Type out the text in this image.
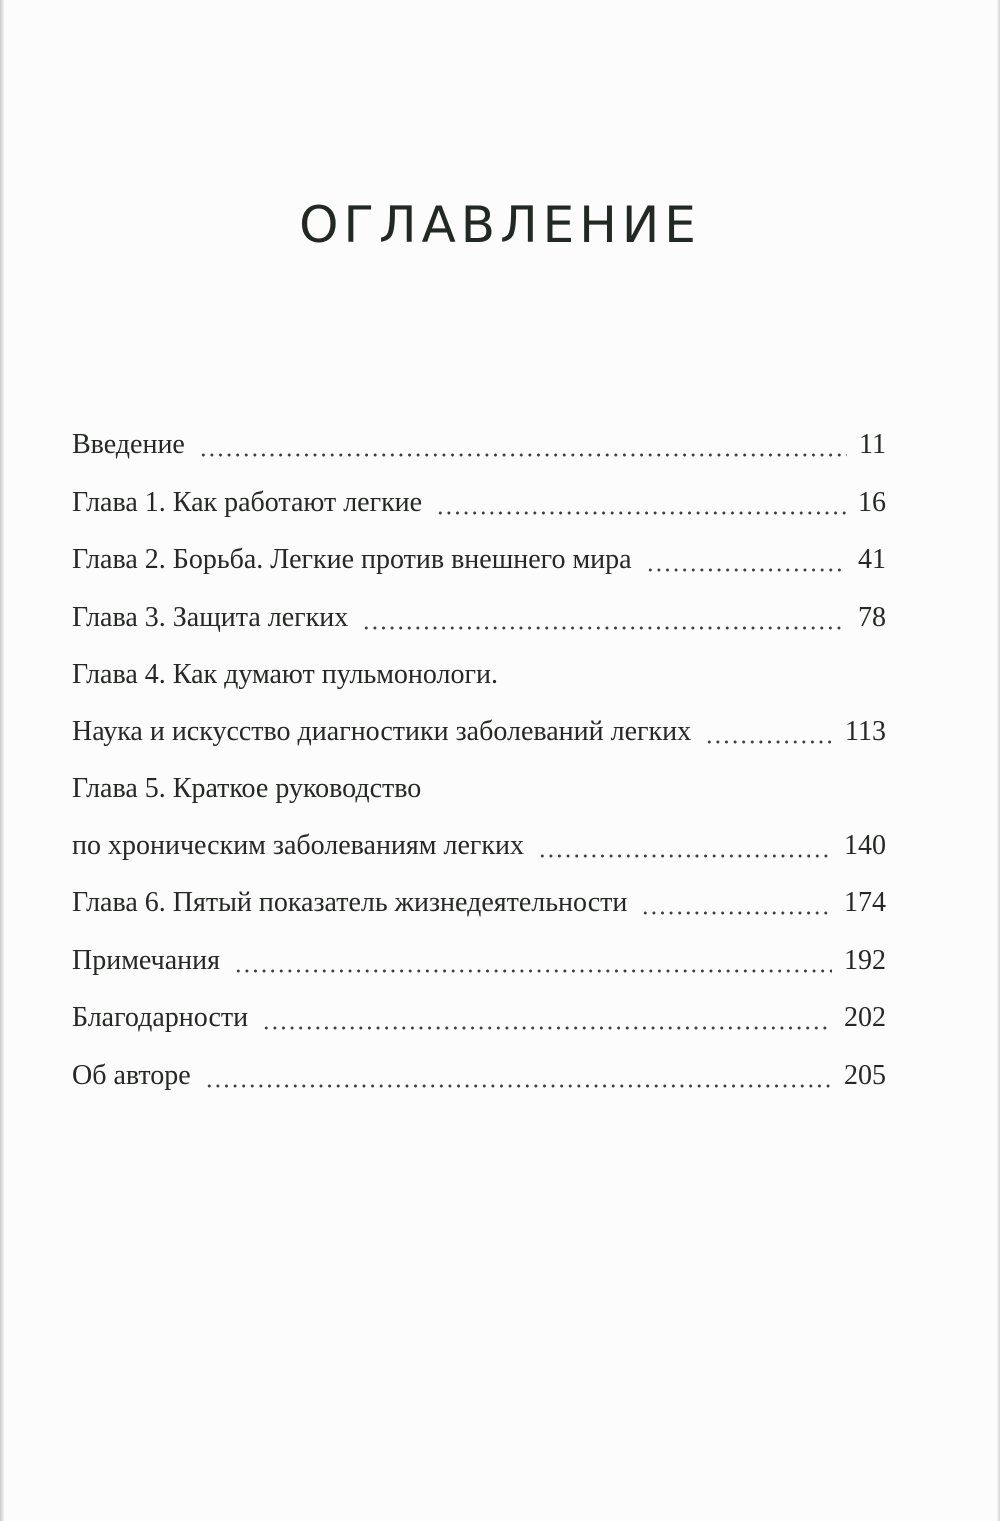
ОГЛАВЛЕНИЕ
Введение	11
Глава 1. Как работают легкие	16
Глава 2. Борьба. Легкие против внешнего мира	41
Глава 3. Защита легких	78
Глава 4. Как думают пульмонологи.
Наука и искусство диагностики заболеваний легких	113
Глава 5. Краткое руководство
по хроническим заболеваниям легких	140
Глава 6. Пятый показатель жизнедеятельности	174
Примечания	192
Благодарности	202
Об авторе	205
